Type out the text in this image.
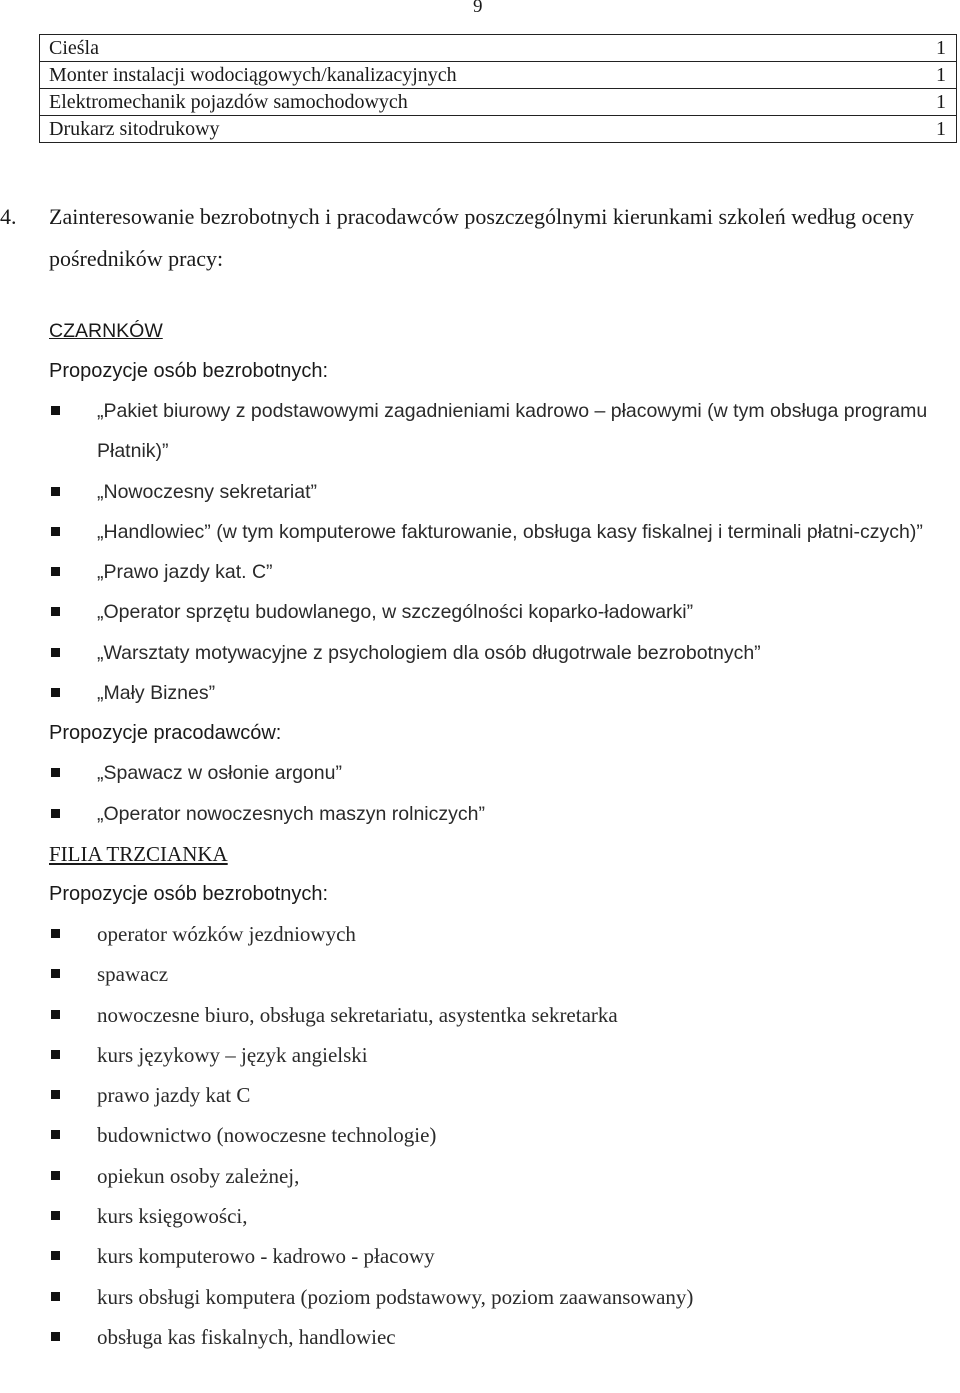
9
Cieśla	1
Monter instalacji wodociągowych/kanalizacyjnych	1
Elektromechanik pojazdów samochodowych	1
Drukarz sitodrukowy	1
4. Zainteresowanie bezrobotnych i pracodawców poszczególnymi kierunkami szkoleń według oceny pośredników pracy:
CZARNKÓW
Propozycje osób bezrobotnych:
„Pakiet biurowy z podstawowymi zagadnieniami kadrowo – płacowymi (w tym obsługa programu Płatnik)”
„Nowoczesny sekretariat”
„Handlowiec” (w tym komputerowe fakturowanie, obsługa kasy fiskalnej i terminali płatni-czych)”
„Prawo jazdy kat. C”
„Operator sprzętu budowlanego, w szczególności koparko-ładowarki”
„Warsztaty motywacyjne z psychologiem dla osób długotrwale bezrobotnych”
„Mały Biznes”
Propozycje pracodawców:
„Spawacz w osłonie argonu”
„Operator nowoczesnych maszyn rolniczych”
FILIA TRZCIANKA
Propozycje osób bezrobotnych:
operator wózków jezdniowych
spawacz
nowoczesne biuro, obsługa sekretariatu, asystentka sekretarka
kurs językowy – język angielski
prawo jazdy kat C
budownictwo (nowoczesne technologie)
opiekun osoby zależnej,
kurs księgowości,
kurs komputerowo - kadrowo - płacowy
kurs obsługi komputera (poziom podstawowy, poziom zaawansowany)
obsługa kas fiskalnych, handlowiec
